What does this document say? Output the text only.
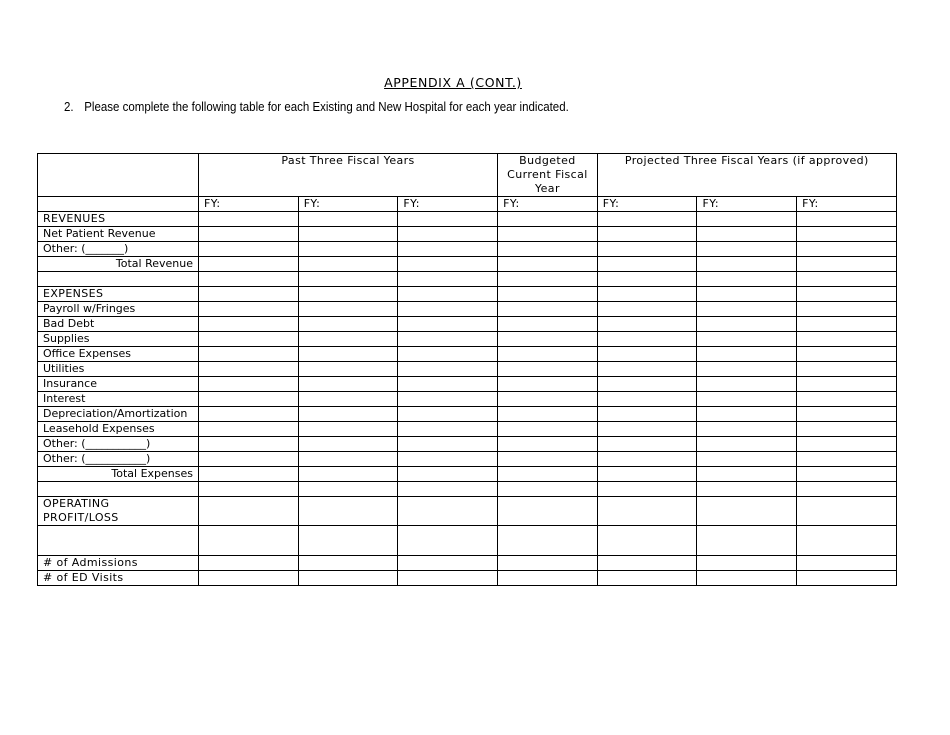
APPENDIX A (CONT.)
2. Please complete the following table for each Existing and New Hospital for each year indicated.
	Past Three Fiscal Years			Budgeted Current Fiscal Year	Projected Three Fiscal Years (if approved)		
	FY:	FY:	FY:	FY:	FY:	FY:	FY:
REVENUES							
Net Patient Revenue							
Other: (_______)							
Total Revenue							

EXPENSES							
Payroll w/Fringes							
Bad Debt							
Supplies							
Office Expenses							
Utilities							
Insurance							
Interest							
Depreciation/Amortization							
Leasehold Expenses							
Other: (___________)							
Other: (___________)							
Total Expenses							

OPERATING
PROFIT/LOSS							

# of Admissions							
# of ED Visits							
